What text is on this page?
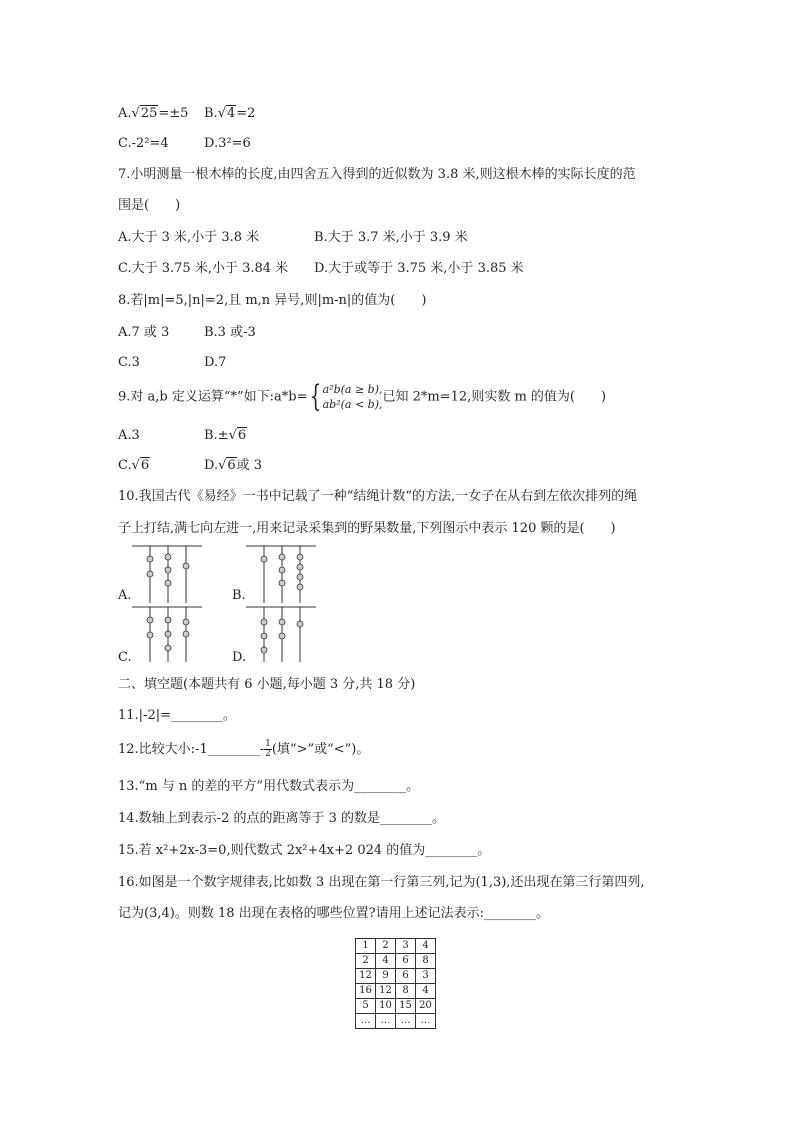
A.√25=±5 B.√4=2
C.-2²=4	D.3²=6
7.小明测量一根木棒的长度,由四舍五入得到的近似数为 3.8 米,则这根木棒的实际长度的范
围是(　　)
A.大于 3 米,小于 3.8 米	B.大于 3.7 米,小于 3.9 米
C.大于 3.75 米,小于 3.84 米 D.大于或等于 3.75 米,小于 3.85 米
8.若|m|=5,|n|=2,且 m,n 异号,则|m-n|的值为(　　)
A.7 或 3	B.3 或-3
C.3	D.7
9.对 a,b 定义运算“*”如下:a*b={ a²b(a ≥ b),
ab²(a < b), 已知 2*m=12,则实数 m 的值为(　　)
A.3	B.±√6
C.√6	D.√6或 3
10.我国古代《易经》一书中记载了一种“结绳计数”的方法,一女子在从右到左依次排列的绳
子上打结,满七向左进一,用来记录采集到的野果数量,下列图示中表示 120 颗的是(　　)
A.	B.
C.	D.
二、填空题(本题共有 6 小题,每小题 3 分,共 18 分)
11.|-2|=________。
12.比较大小:-1________- $\frac{1}{2}$ (填“>”或“<”)。
13.“m 与 n 的差的平方”用代数式表示为________。
14.数轴上到表示-2 的点的距离等于 3 的数是________。
15.若 x²+2x-3=0,则代数式 2x²+4x+2 024 的值为________。
16.如图是一个数字规律表,比如数 3 出现在第一行第三列,记为(1,3),还出现在第三行第四列,
记为(3,4)。则数 18 出现在表格的哪些位置?请用上述记法表示:________。
1	2	3	4
2	4	6	8
12	9	6	3
16	12	8	4
5	10	15	20
…	…	…	…
